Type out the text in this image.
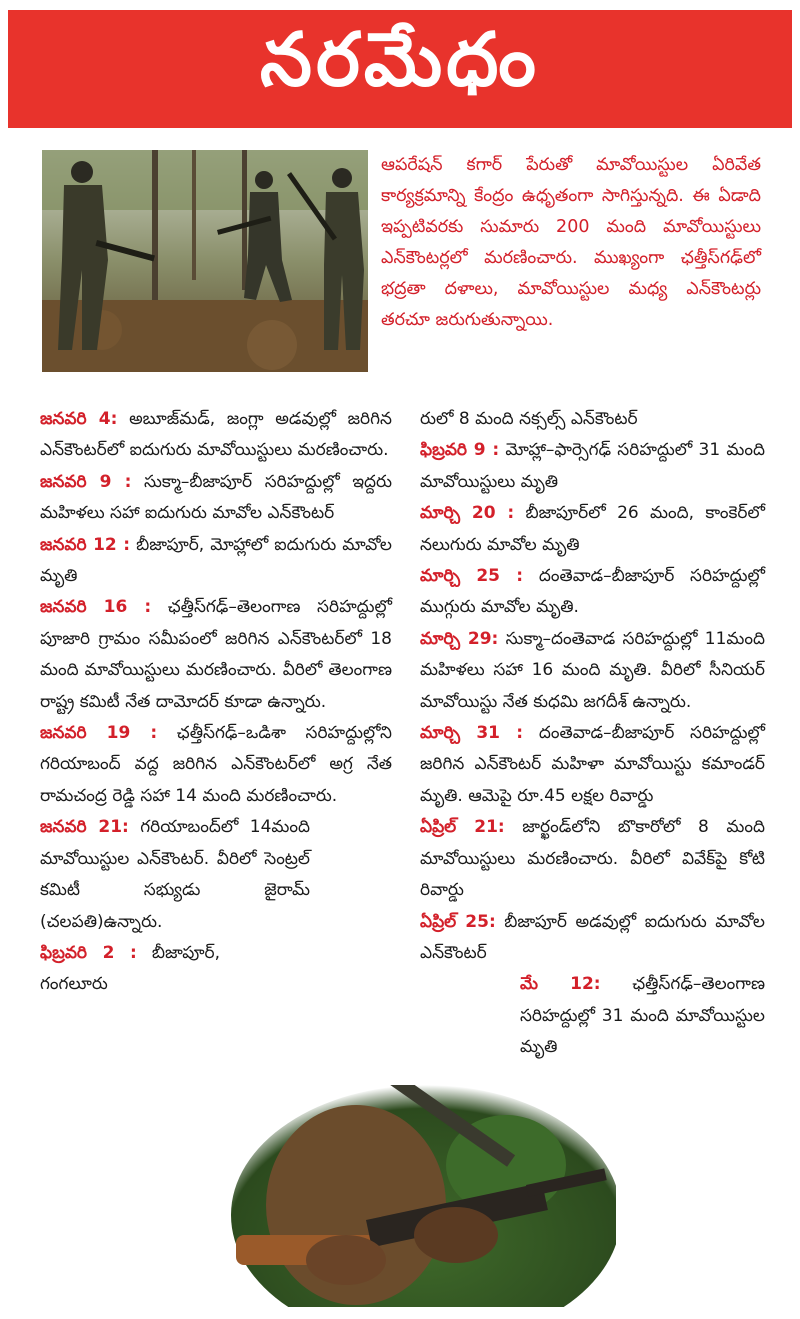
నరమేధం

ఆపరేషన్ కగార్ పేరుతో మావోయిస్టుల ఏరివేత కార్యక్రమాన్ని కేంద్రం ఉధృతంగా సాగిస్తున్నది. ఈ ఏడాది ఇప్పటివరకు సుమారు 200 మంది మావోయిస్టులు ఎన్‌కౌంటర్లలో మరణించారు. ముఖ్యంగా ఛత్తీస్‌గఢ్‌లో భద్రతా దళాలు, మావోయిస్టుల మధ్య ఎన్‌కౌంటర్లు తరచూ జరుగుతున్నాయి.

జనవరి 4: అబూజ్‌మడ్, జంగ్లా అడవుల్లో జరిగిన ఎన్‌కౌంటర్‌లో ఐదుగురు మావోయిస్టులు మరణించారు.

జనవరి 9 : సుక్మా–బీజాపూర్ సరిహద్దుల్లో ఇద్దరు మహిళలు సహా ఐదుగురు మావోల ఎన్‌కౌంటర్

జనవరి 12 : బీజాపూర్, మోహ్లాలో ఐదుగురు మావోల మృతి

జనవరి 16 : ఛత్తీస్‌గఢ్–తెలంగాణ సరిహద్దుల్లో పూజారి గ్రామం సమీపంలో జరిగిన ఎన్‌కౌంటర్‌లో 18 మంది మావోయిస్టులు మరణించారు. వీరిలో తెలంగాణ రాష్ట్ర కమిటీ నేత దామోదర్ కూడా ఉన్నారు.

జనవరి 19 : ఛత్తీస్‌గఢ్–ఒడిశా సరిహద్దుల్లోని గరియాబంద్ వద్ద జరిగిన ఎన్‌కౌంటర్‌లో అగ్ర నేత రామచంద్ర రెడ్డి సహా 14 మంది మరణించారు.

జనవరి 21: గరియాబంద్‌లో 14మంది మావోయిస్టుల ఎన్‌కౌంటర్. వీరిలో సెంట్రల్ కమిటీ సభ్యుడు జైరామ్ (చలపతి)ఉన్నారు.

ఫిబ్రవరి 2 : బీజాపూర్, గంగలూరు

రులో 8 మంది నక్సల్స్ ఎన్‌కౌంటర్

ఫిబ్రవరి 9 : మోహ్లా–ఫార్సెగఢ్ సరిహద్దులో 31 మంది మావోయిస్టులు మృతి

మార్చి 20 : బీజాపూర్‌లో 26 మంది, కాంకెర్‌లో నలుగురు మావోల మృతి

మార్చి 25 : దంతెవాడ–బీజాపూర్ సరిహద్దుల్లో ముగ్గురు మావోల మృతి.

మార్చి 29: సుక్మా–దంతెవాడ సరిహద్దుల్లో 11మంది మహిళలు సహా 16 మంది మృతి. వీరిలో సీనియర్ మావోయిస్టు నేత కుధమి జగదీశ్ ఉన్నారు.

మార్చి 31 : దంతెవాడ–బీజాపూర్ సరిహద్దుల్లో జరిగిన ఎన్‌కౌంటర్ మహిళా మావోయిస్టు కమాండర్ మృతి. ఆమెపై రూ.45 లక్షల రివార్డు

ఏప్రిల్ 21: జార్ఖండ్‌లోని బొకారోలో 8 మంది మావోయిస్టులు మరణించారు. వీరిలో వివేక్‌పై కోటి రివార్డు

ఏప్రిల్ 25: బీజాపూర్ అడవుల్లో ఐదుగురు మావోల ఎన్‌కౌంటర్

మే 12: ఛత్తీస్‌గఢ్–తెలంగాణ సరిహద్దుల్లో 31 మంది మావోయిస్టుల మృతి
